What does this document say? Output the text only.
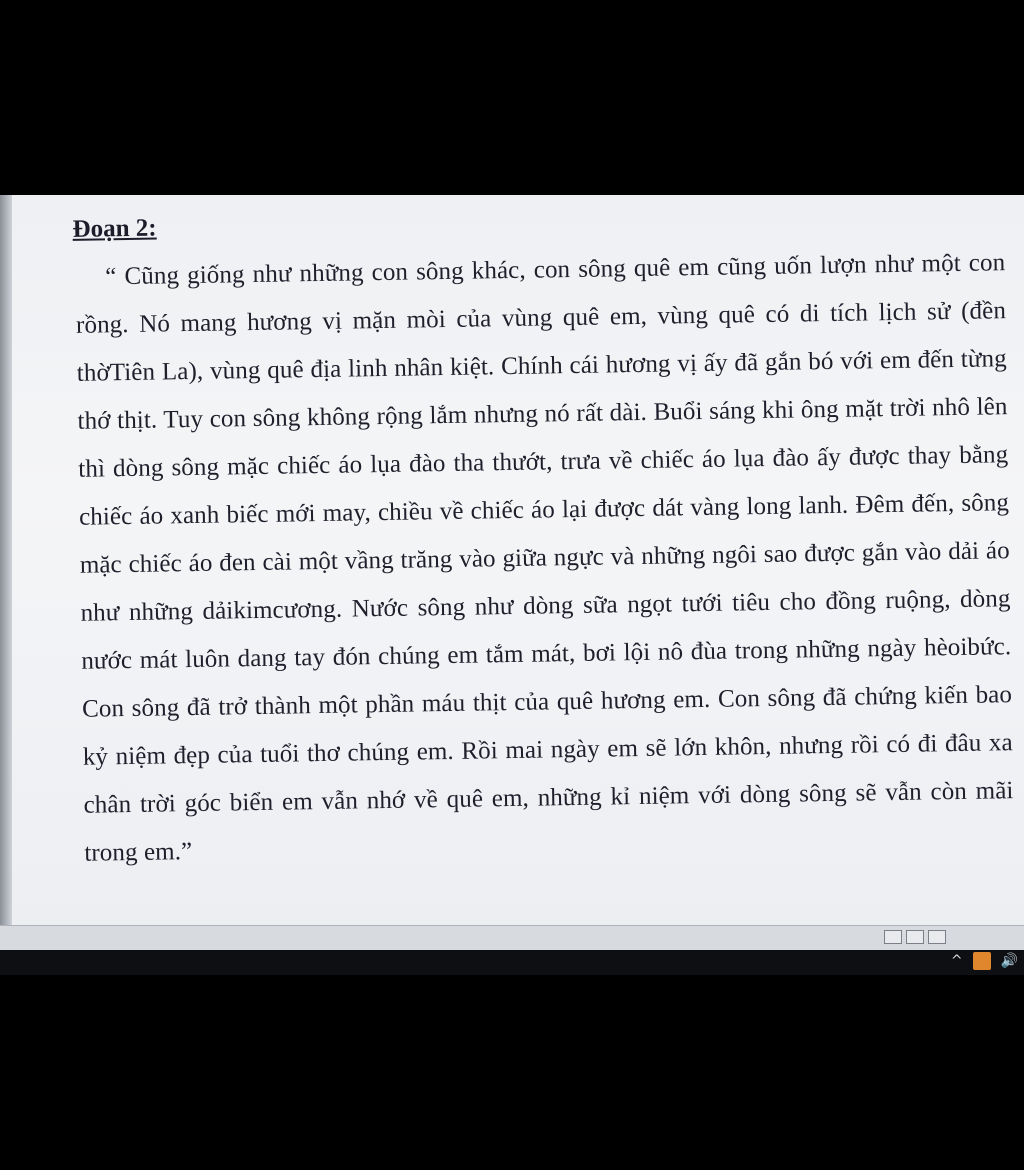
Đoạn 2:

“ Cũng giống như những con sông khác, con sông quê em cũng uốn lượn như một con rồng. Nó mang hương vị mặn mòi của vùng quê em, vùng quê có di tích lịch sử (đền thờTiên La), vùng quê địa linh nhân kiệt. Chính cái hương vị ấy đã gắn bó với em đến từng thớ thịt. Tuy con sông không rộng lắm nhưng nó rất dài. Buổi sáng khi ông mặt trời nhô lên thì dòng sông mặc chiếc áo lụa đào tha thướt, trưa về chiếc áo lụa đào ấy được thay bằng chiếc áo xanh biếc mới may, chiều về chiếc áo lại được dát vàng long lanh. Đêm đến, sông mặc chiếc áo đen cài một vầng trăng vào giữa ngực và những ngôi sao được gắn vào dải áo như những dảikimcương. Nước sông như dòng sữa ngọt tưới tiêu cho đồng ruộng, dòng nước mát luôn dang tay đón chúng em tắm mát, bơi lội nô đùa trong những ngày hèoibức. Con sông đã trở thành một phần máu thịt của quê hương em. Con sông đã chứng kiến bao kỷ niệm đẹp của tuổi thơ chúng em. Rồi mai ngày em sẽ lớn khôn, nhưng rồi có đi đâu xa chân trời góc biển em vẫn nhớ về quê em, những kỉ niệm với dòng sông sẽ vẫn còn mãi trong em.”

^	🔊
